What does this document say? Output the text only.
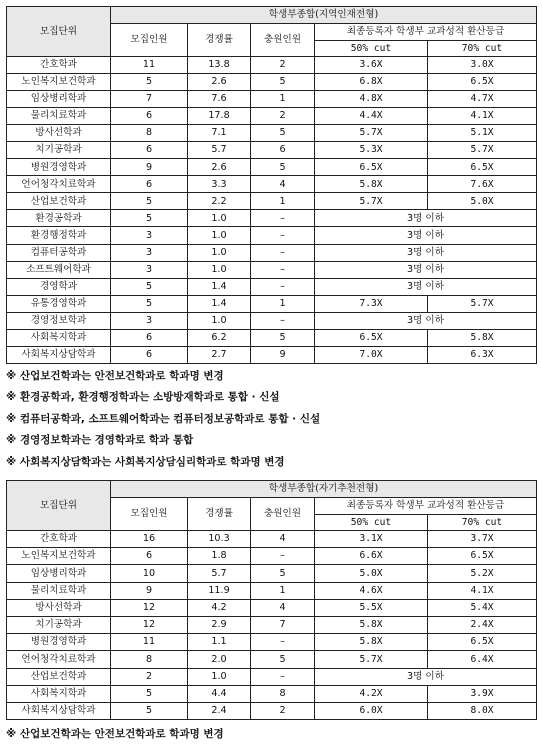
모집단위	학생부종합(지역인재전형)				
	모집인원	경쟁률	충원인원	최종등록자 학생부 교과성적 환산등급	
				50% cut	70% cut
간호학과	11	13.8	2	3.6X	3.0X
노인복지보건학과	5	2.6	5	6.8X	6.5X
임상병리학과	7	7.6	1	4.8X	4.7X
물리치료학과	6	17.8	2	4.4X	4.1X
방사선학과	8	7.1	5	5.7X	5.1X
치기공학과	6	5.7	6	5.3X	5.7X
병원경영학과	9	2.6	5	6.5X	6.5X
언어청각치료학과	6	3.3	4	5.8X	7.6X
산업보건학과	5	2.2	1	5.7X	5.0X
환경공학과	5	1.0	–	3명 이하	
환경행정학과	3	1.0	–	3명 이하	
컴퓨터공학과	3	1.0	–	3명 이하	
소프트웨어학과	3	1.0	–	3명 이하	
경영학과	5	1.4	–	3명 이하	
유통경영학과	5	1.4	1	7.3X	5.7X
경영정보학과	3	1.0	–	3명 이하	
사회복지학과	6	6.2	5	6.5X	5.8X
사회복지상담학과	6	2.7	9	7.0X	6.3X
※ 산업보건학과는 안전보건학과로 학과명 변경
※ 환경공학과, 환경행정학과는 소방방재학과로 통합 · 신설
※ 컴퓨터공학과, 소프트웨어학과는 컴퓨터정보공학과로 통합 · 신설
※ 경영정보학과는 경영학과로 학과 통합
※ 사회복지상담학과는 사회복지상담심리학과로 학과명 변경
모집단위	학생부종합(자기추천전형)				
	모집인원	경쟁률	충원인원	최종등록자 학생부 교과성적 환산등급	
				50% cut	70% cut
간호학과	16	10.3	4	3.1X	3.7X
노인복지보건학과	6	1.8	–	6.6X	6.5X
임상병리학과	10	5.7	5	5.0X	5.2X
물리치료학과	9	11.9	1	4.6X	4.1X
방사선학과	12	4.2	4	5.5X	5.4X
치기공학과	12	2.9	7	5.8X	2.4X
병원경영학과	11	1.1	–	5.8X	6.5X
언어청각치료학과	8	2.0	5	5.7X	6.4X
산업보건학과	2	1.0	–	3명 이하	
사회복지학과	5	4.4	8	4.2X	3.9X
사회복지상담학과	5	2.4	2	6.0X	8.0X
※ 산업보건학과는 안전보건학과로 학과명 변경
